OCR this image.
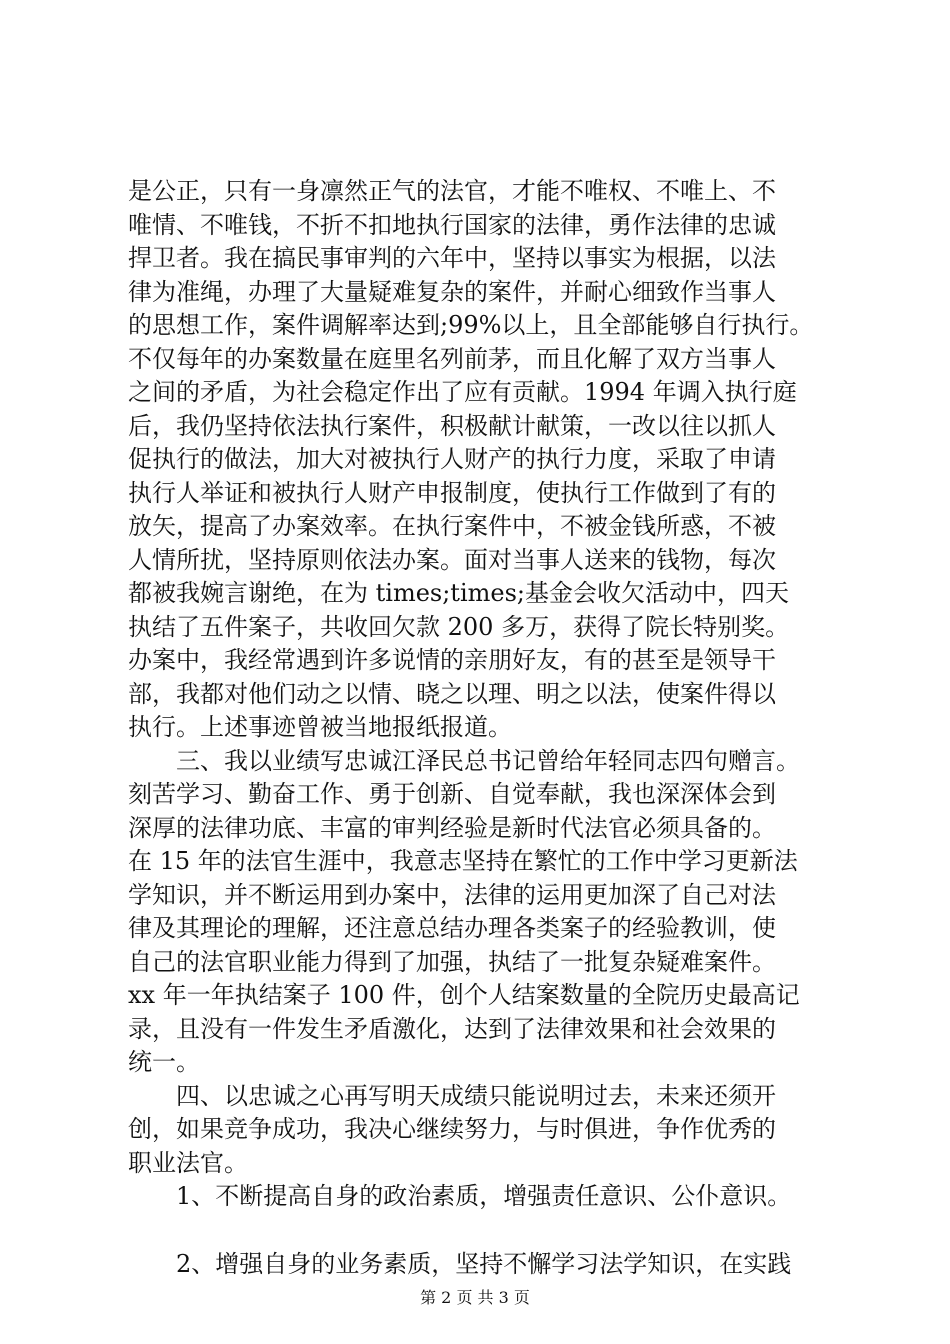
是公正，只有一身凛然正气的法官，才能不唯权、不唯上、不
唯情、不唯钱，不折不扣地执行国家的法律，勇作法律的忠诚
捍卫者。我在搞民事审判的六年中，坚持以事实为根据，以法
律为准绳，办理了大量疑难复杂的案件，并耐心细致作当事人
的思想工作，案件调解率达到;99%以上，且全部能够自行执行。
不仅每年的办案数量在庭里名列前茅，而且化解了双方当事人
之间的矛盾，为社会稳定作出了应有贡献。1994 年调入执行庭
后，我仍坚持依法执行案件，积极献计献策，一改以往以抓人
促执行的做法，加大对被执行人财产的执行力度，采取了申请
执行人举证和被执行人财产申报制度，使执行工作做到了有的
放矢，提高了办案效率。在执行案件中，不被金钱所惑，不被
人情所扰，坚持原则依法办案。面对当事人送来的钱物，每次
都被我婉言谢绝，在为 times;times;基金会收欠活动中，四天
执结了五件案子，共收回欠款 200 多万，获得了院长特别奖。
办案中，我经常遇到许多说情的亲朋好友，有的甚至是领导干
部，我都对他们动之以情、晓之以理、明之以法，使案件得以
执行。上述事迹曾被当地报纸报道。
　　三、我以业绩写忠诚江泽民总书记曾给年轻同志四句赠言。
刻苦学习、勤奋工作、勇于创新、自觉奉献，我也深深体会到
深厚的法律功底、丰富的审判经验是新时代法官必须具备的。
在 15 年的法官生涯中，我意志坚持在繁忙的工作中学习更新法
学知识，并不断运用到办案中，法律的运用更加深了自己对法
律及其理论的理解，还注意总结办理各类案子的经验教训，使
自己的法官职业能力得到了加强，执结了一批复杂疑难案件。
xx 年一年执结案子 100 件，创个人结案数量的全院历史最高记
录，且没有一件发生矛盾激化，达到了法律效果和社会效果的
统一。
　　四、以忠诚之心再写明天成绩只能说明过去，未来还须开
创，如果竞争成功，我决心继续努力，与时俱进，争作优秀的
职业法官。
　　1、不断提高自身的政治素质，增强责任意识、公仆意识。
　　2、增强自身的业务素质，坚持不懈学习法学知识，在实践
第 2 页 共 3 页
